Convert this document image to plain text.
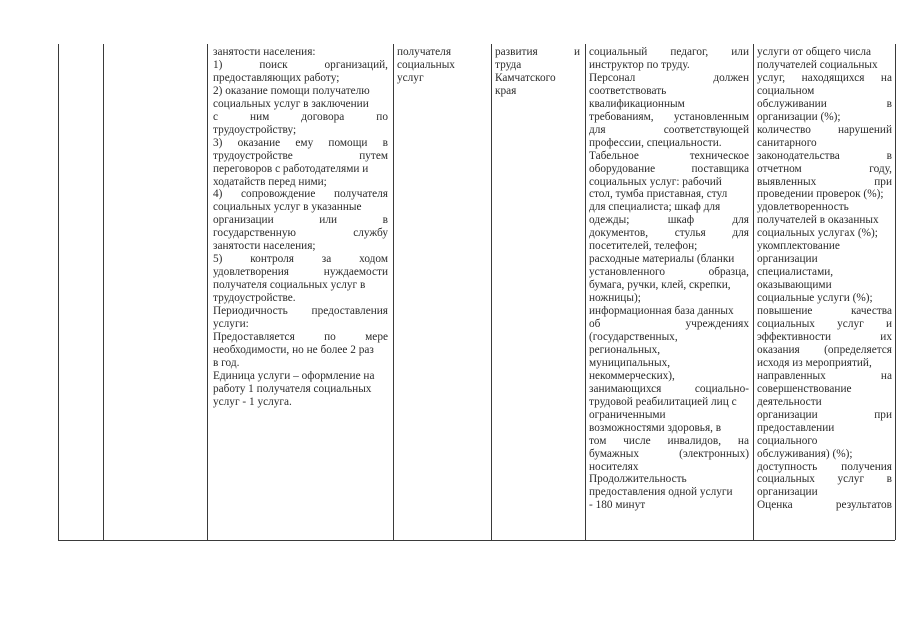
занятости населения:

1) поиск организаций,

предоставляющих работу;

2) оказание помощи получателю

социальных услуг в заключении

с ним договора по

трудоустройству;

3) оказание ему помощи в

трудоустройстве путем

переговоров с работодателями и

ходатайств перед ними;

4) сопровождение получателя

социальных услуг в указанные

организации или в

государственную службу

занятости населения;

5) контроля за ходом

удовлетворения нуждаемости

получателя социальных услуг в

трудоустройстве.

Периодичность предоставления

услуги:

Предоставляется по мере

необходимости, но не более 2 раз

в год.

Единица услуги – оформление на

работу 1 получателя социальных

услуг - 1 услуга.

получателя

социальных

услуг

развития и

труда

Камчатского

края

социальный педагог, или

инструктор по труду.

Персонал должен

соответствовать

квалификационным

требованиям, установленным

для соответствующей

профессии, специальности.

Табельное техническое

оборудование поставщика

социальных услуг: рабочий

стол, тумба приставная, стул

для специалиста; шкаф для

одежды; шкаф для

документов, стулья для

посетителей, телефон;

расходные материалы (бланки

установленного образца,

бумага, ручки, клей, скрепки,

ножницы);

информационная база данных

об учреждениях

(государственных,

региональных,

муниципальных,

некоммерческих),

занимающихся социально-

трудовой реабилитацией лиц с

ограниченными

возможностями здоровья, в

том числе инвалидов, на

бумажных (электронных)

носителях

Продолжительность

предоставления одной услуги

- 180 минут

услуги от общего числа

получателей социальных

услуг, находящихся на

социальном

обслуживании в

организации (%);

количество нарушений

санитарного

законодательства в

отчетном году,

выявленных при

проведении проверок (%);

удовлетворенность

получателей в оказанных

социальных услугах (%);

укомплектование

организации

специалистами,

оказывающими

социальные услуги (%);

повышение качества

социальных услуг и

эффективности их

оказания (определяется

исходя из мероприятий,

направленных на

совершенствование

деятельности

организации при

предоставлении

социального

обслуживания) (%);

доступность получения

социальных услуг в

организации

Оценка результатов
